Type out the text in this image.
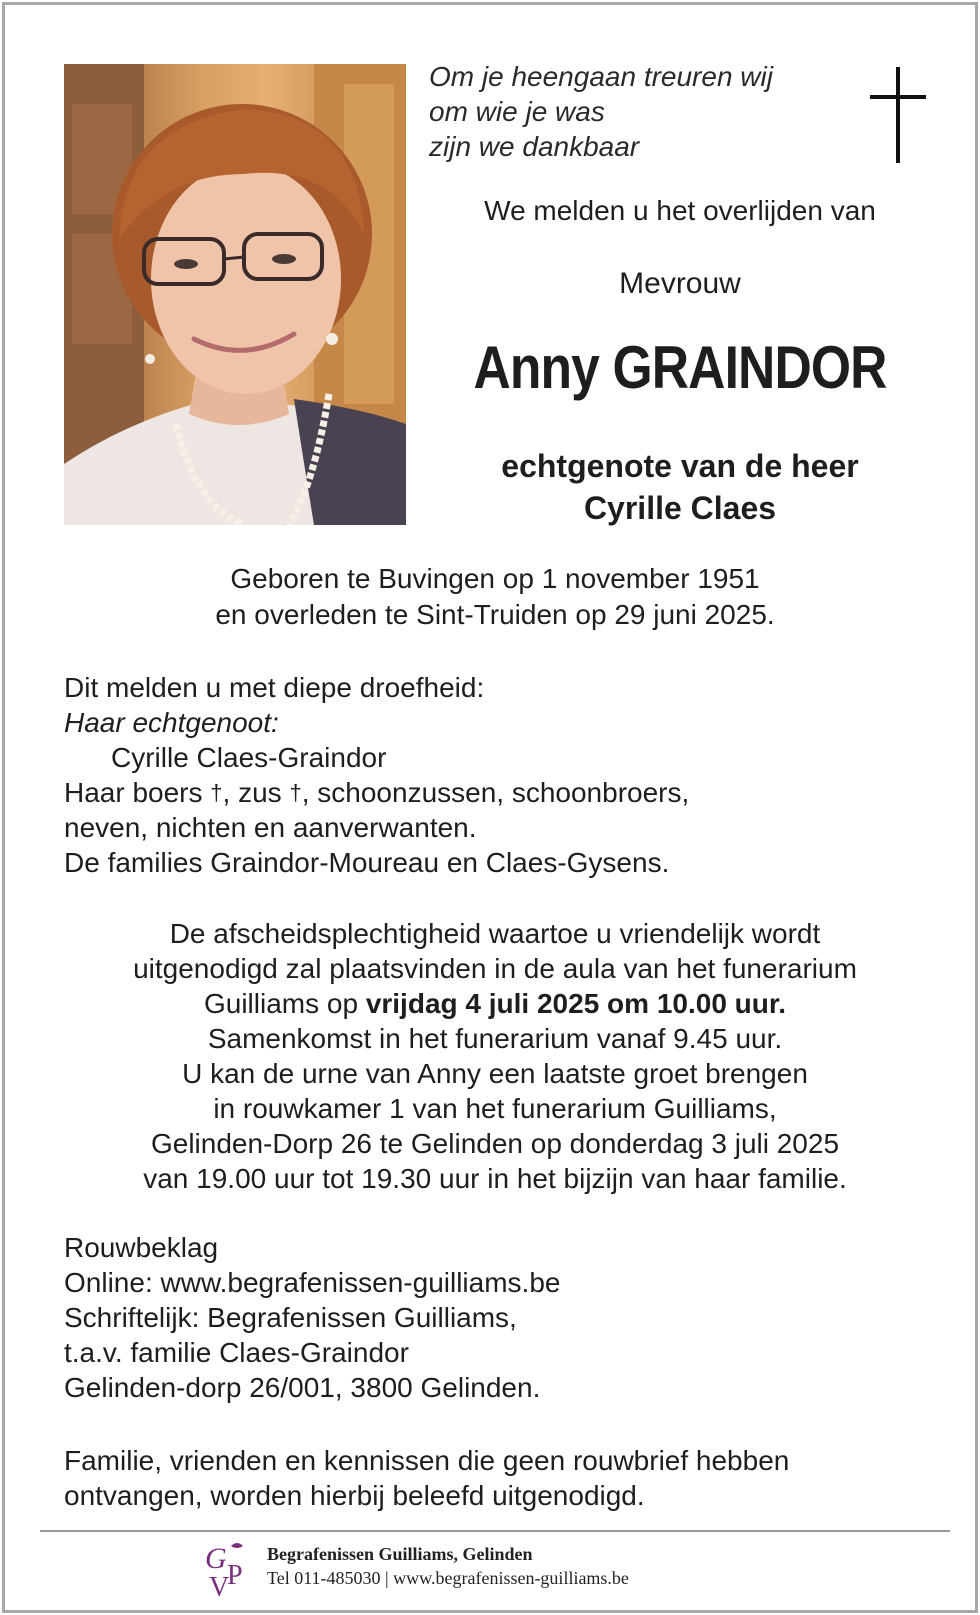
Om je heengaan treuren wij
om wie je was
zijn we dankbaar
We melden u het overlijden van
Mevrouw
Anny GRAINDOR
echtgenote van de heer
Cyrille Claes
Geboren te Buvingen op 1 november 1951
en overleden te Sint-Truiden op 29 juni 2025.
Dit melden u met diepe droefheid:
Haar echtgenoot:
Cyrille Claes-Graindor
Haar boers †, zus †, schoonzussen, schoonbroers,
neven, nichten en aanverwanten.
De families Graindor-Moureau en Claes-Gysens.
De afscheidsplechtigheid waartoe u vriendelijk wordt
uitgenodigd zal plaatsvinden in de aula van het funerarium
Guilliams op vrijdag 4 juli 2025 om 10.00 uur.
Samenkomst in het funerarium vanaf 9.45 uur.
U kan de urne van Anny een laatste groet brengen
in rouwkamer 1 van het funerarium Guilliams,
Gelinden-Dorp 26 te Gelinden op donderdag 3 juli 2025
van 19.00 uur tot 19.30 uur in het bijzijn van haar familie.
Rouwbeklag
Online: www.begrafenissen-guilliams.be
Schriftelijk: Begrafenissen Guilliams,
t.a.v. familie Claes-Graindor
Gelinden-dorp 26/001, 3800 Gelinden.
Familie, vrienden en kennissen die geen rouwbrief hebben
ontvangen, worden hierbij beleefd uitgenodigd.
G
V
P
Begrafenissen Guilliams, Gelinden
Tel 011-485030 | www.begrafenissen-guilliams.be
